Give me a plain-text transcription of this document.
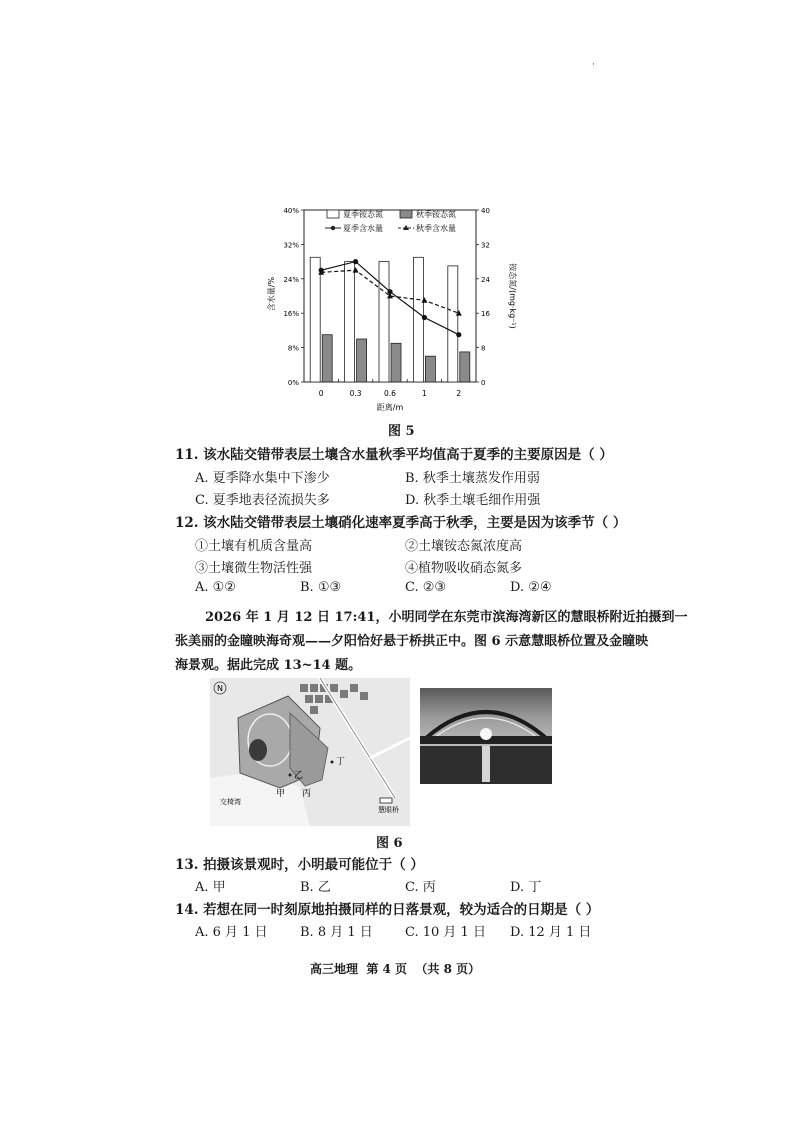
·
0%
8%
16%
24%
32%
40%
0
8
16
24
32
40
0	0.3	0.6	1	2
夏季铵态氮	秋季铵态氮
夏季含水量	秋季含水量
含水量/%	铵态氮/(mg·kg⁻¹)
距离/m
图 5
11. 该水陆交错带表层土壤含水量秋季平均值高于夏季的主要原因是（ ）
A. 夏季降水集中下渗少	B. 秋季土壤蒸发作用弱
C. 夏季地表径流损失多	D. 秋季土壤毛细作用强
12. 该水陆交错带表层土壤硝化速率夏季高于秋季，主要是因为该季节（ ）
①土壤有机质含量高	②土壤铵态氮浓度高
③土壤微生物活性强	④植物吸收硝态氮多
A. ①②	B. ①③	C. ②③	D. ②④
2026 年 1 月 12 日 17:41，小明同学在东莞市滨海湾新区的慧眼桥附近拍摄到一
张美丽的金瞳映海奇观——夕阳恰好悬于桥拱正中。图 6 示意慧眼桥位置及金瞳映
海景观。据此完成 13~14 题。
N
甲
乙
丙
丁
交椅湾
慧眼桥
图 6
13. 拍摄该景观时，小明最可能位于（ ）
A. 甲	B. 乙	C. 丙	D. 丁
14. 若想在同一时刻原地拍摄同样的日落景观，较为适合的日期是（ ）
A. 6 月 1 日 B. 8 月 1 日 C. 10 月 1 日 D. 12 月 1 日
高三地理  第 4 页  （共 8 页）
